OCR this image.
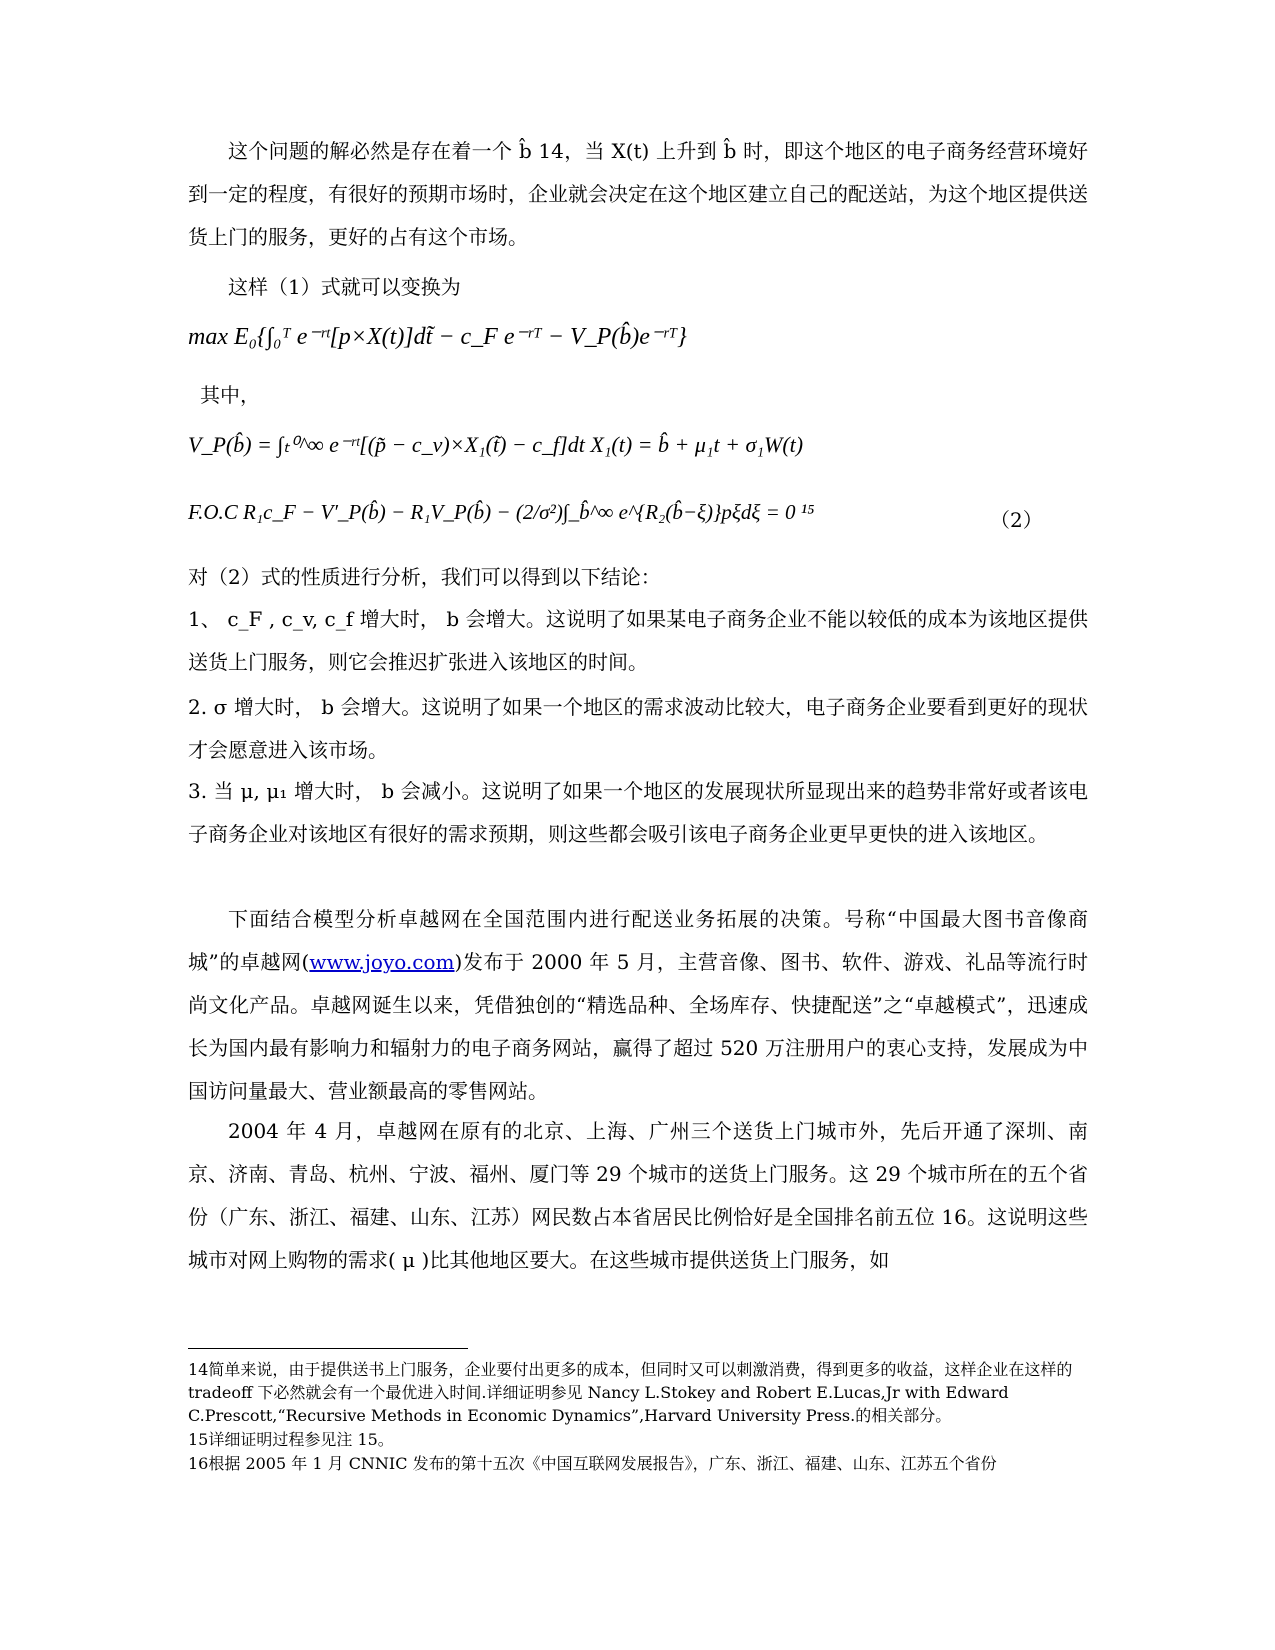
这个问题的解必然是存在着一个 b̂ 14，当 X(t) 上升到 b̂ 时，即这个地区的电子商务经营环境好到一定的程度，有很好的预期市场时，企业就会决定在这个地区建立自己的配送站，为这个地区提供送货上门的服务，更好的占有这个市场。
这样（1）式就可以变换为
max E₀{∫₀ᵀ e⁻ʳᵗ[p×X(t)]dt̃ − c_F e⁻ʳᵀ − V_P(b̂)e⁻ʳᵀ}
其中，
V_P(b̂) = ∫ₜ⁰^∞ e⁻ʳᵗ[(p̃ − c_v)×X₁(t̃) − c_f]dt X₁(t) = b̂ + μ₁t + σ₁W(t)
F.O.C R₁c_F − V′_P(b̂) − R₁V_P(b̂) − (2/σ²)∫_b̂^∞ e^{R₂(b̂−ξ)}pξdξ = 0 ¹⁵	（2）
对（2）式的性质进行分析，我们可以得到以下结论：
1、 c_F , c_v, c_f 增大时， b 会增大。这说明了如果某电子商务企业不能以较低的成本为该地区提供送货上门服务，则它会推迟扩张进入该地区的时间。
2. σ 增大时， b 会增大。这说明了如果一个地区的需求波动比较大，电子商务企业要看到更好的现状才会愿意进入该市场。
3. 当 μ, μ₁ 增大时， b 会减小。这说明了如果一个地区的发展现状所显现出来的趋势非常好或者该电子商务企业对该地区有很好的需求预期，则这些都会吸引该电子商务企业更早更快的进入该地区。
下面结合模型分析卓越网在全国范围内进行配送业务拓展的决策。号称“中国最大图书音像商城”的卓越网(www.joyo.com)发布于 2000 年 5 月，主营音像、图书、软件、游戏、礼品等流行时尚文化产品。卓越网诞生以来，凭借独创的“精选品种、全场库存、快捷配送”之“卓越模式”，迅速成长为国内最有影响力和辐射力的电子商务网站，赢得了超过 520 万注册用户的衷心支持，发展成为中国访问量最大、营业额最高的零售网站。
2004 年 4 月，卓越网在原有的北京、上海、广州三个送货上门城市外，先后开通了深圳、南京、济南、青岛、杭州、宁波、福州、厦门等 29 个城市的送货上门服务。这 29 个城市所在的五个省份（广东、浙江、福建、山东、江苏）网民数占本省居民比例恰好是全国排名前五位 16。这说明这些城市对网上购物的需求( μ )比其他地区要大。在这些城市提供送货上门服务，如
14简单来说，由于提供送书上门服务，企业要付出更多的成本，但同时又可以刺激消费，得到更多的收益，这样企业在这样的 tradeoff 下必然就会有一个最优进入时间.详细证明参见 Nancy L.Stokey and Robert E.Lucas,Jr with Edward C.Prescott,“Recursive Methods in Economic Dynamics”,Harvard University Press.的相关部分。
15详细证明过程参见注 15。
16根据 2005 年 1 月 CNNIC 发布的第十五次《中国互联网发展报告》，广东、浙江、福建、山东、江苏五个省份
